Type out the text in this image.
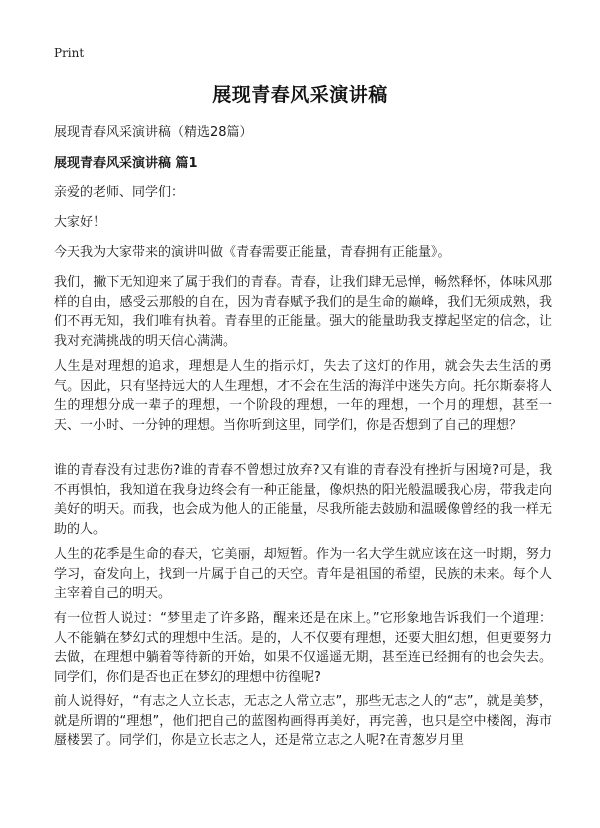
Print
展现青春风采演讲稿
展现青春风采演讲稿（精选28篇）
展现青春风采演讲稿 篇1

亲爱的老师、同学们：

大家好！

今天我为大家带来的演讲叫做《青春需要正能量，青春拥有正能量》。

我们，撇下无知迎来了属于我们的青春。青春，让我们肆无忌惮，畅然释怀，体味风那样的自由，感受云那般的自在，因为青春赋予我们的是生命的巅峰，我们无须成熟，我们不再无知，我们唯有执着。青春里的正能量。强大的能量助我支撑起坚定的信念，让我对充满挑战的明天信心满满。

人生是对理想的追求，理想是人生的指示灯，失去了这灯的作用，就会失去生活的勇气。因此，只有坚持远大的人生理想，才不会在生活的海洋中迷失方向。托尔斯泰将人生的理想分成一辈子的理想，一个阶段的理想，一年的理想，一个月的理想，甚至一天、一小时、一分钟的理想。当你听到这里，同学们，你是否想到了自己的理想？

谁的青春没有过悲伤?谁的青春不曾想过放弃?又有谁的青春没有挫折与困境?可是，我不再惧怕，我知道在我身边终会有一种正能量，像炽热的阳光般温暖我心房，带我走向美好的明天。而我，也会成为他人的正能量，尽我所能去鼓励和温暖像曾经的我一样无助的人。

人生的花季是生命的春天，它美丽，却短暂。作为一名大学生就应该在这一时期，努力学习，奋发向上，找到一片属于自己的天空。青年是祖国的希望，民族的未来。每个人主宰着自己的明天。

有一位哲人说过：“梦里走了许多路，醒来还是在床上。”它形象地告诉我们一个道理：人不能躺在梦幻式的理想中生活。是的，人不仅要有理想，还要大胆幻想，但更要努力去做，在理想中躺着等待新的开始，如果不仅遥遥无期，甚至连已经拥有的也会失去。同学们，你们是否也正在梦幻的理想中彷徨呢?

前人说得好，“有志之人立长志，无志之人常立志”，那些无志之人的“志”，就是美梦，就是所谓的“理想”，他们把自己的蓝图构画得再美好，再完善，也只是空中楼阁，海市蜃楼罢了。同学们，你是立长志之人，还是常立志之人呢?在青葱岁月里
